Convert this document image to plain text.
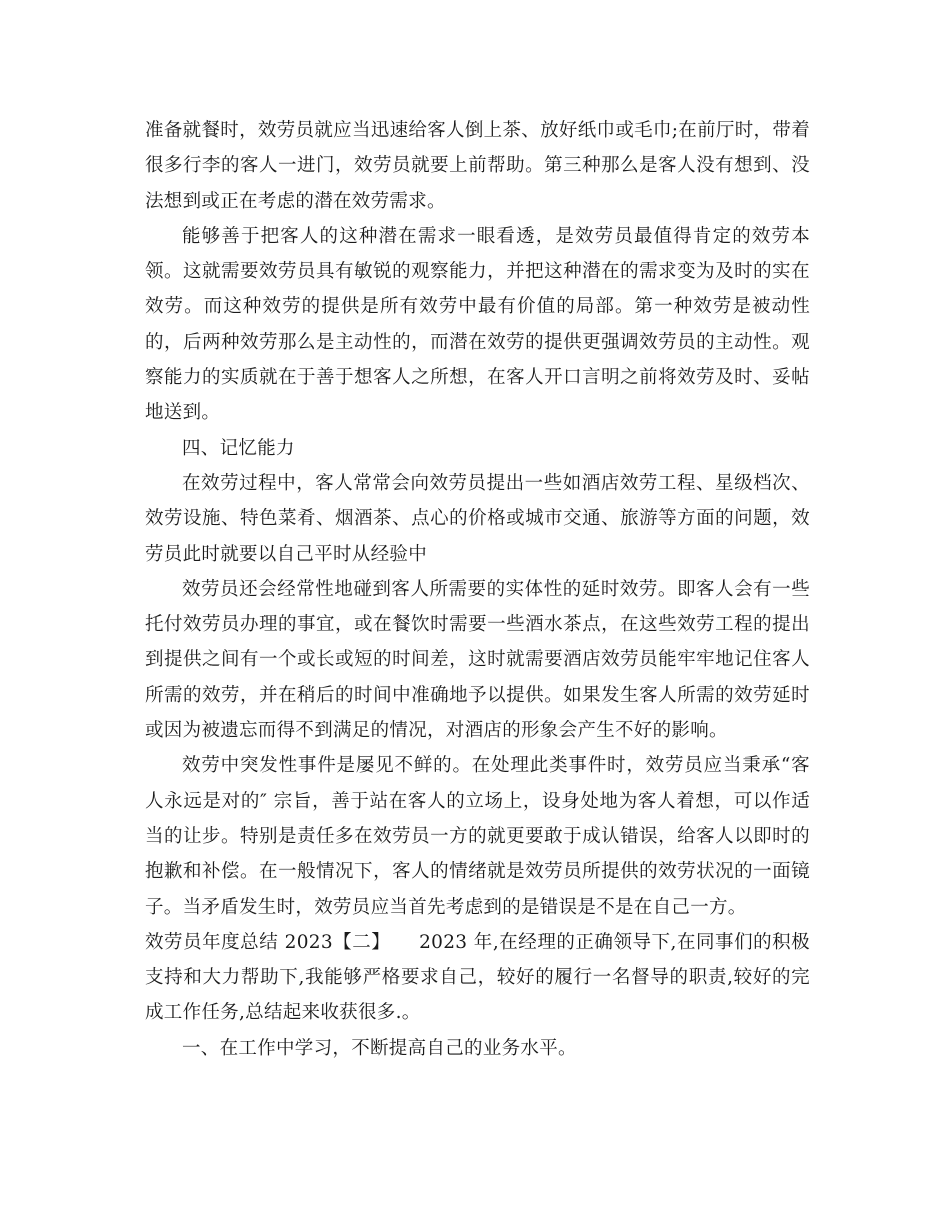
准备就餐时，效劳员就应当迅速给客人倒上茶、放好纸巾或毛巾;在前厅时，带着很多行李的客人一进门，效劳员就要上前帮助。第三种那么是客人没有想到、没法想到或正在考虑的潜在效劳需求。

能够善于把客人的这种潜在需求一眼看透，是效劳员最值得肯定的效劳本领。这就需要效劳员具有敏锐的观察能力，并把这种潜在的需求变为及时的实在效劳。而这种效劳的提供是所有效劳中最有价值的局部。第一种效劳是被动性的，后两种效劳那么是主动性的，而潜在效劳的提供更强调效劳员的主动性。观察能力的实质就在于善于想客人之所想，在客人开口言明之前将效劳及时、妥帖地送到。

四、记忆能力

在效劳过程中，客人常常会向效劳员提出一些如酒店效劳工程、星级档次、效劳设施、特色菜肴、烟酒茶、点心的价格或城市交通、旅游等方面的问题，效劳员此时就要以自己平时从经验中

效劳员还会经常性地碰到客人所需要的实体性的延时效劳。即客人会有一些托付效劳员办理的事宜，或在餐饮时需要一些酒水茶点，在这些效劳工程的提出到提供之间有一个或长或短的时间差，这时就需要酒店效劳员能牢牢地记住客人所需的效劳，并在稍后的时间中准确地予以提供。如果发生客人所需的效劳延时或因为被遗忘而得不到满足的情况，对酒店的形象会产生不好的影响。

效劳中突发性事件是屡见不鲜的。在处理此类事件时，效劳员应当秉承“客人永远是对的″ 宗旨，善于站在客人的立场上，设身处地为客人着想，可以作适当的让步。特别是责任多在效劳员一方的就更要敢于成认错误，给客人以即时的抱歉和补偿。在一般情况下，客人的情绪就是效劳员所提供的效劳状况的一面镜子。当矛盾发生时，效劳员应当首先考虑到的是错误是不是在自己一方。

效劳员年度总结 2023【二】　　2023 年,在经理的正确领导下,在同事们的积极支持和大力帮助下,我能够严格要求自己，较好的履行一名督导的职责,较好的完成工作任务,总结起来收获很多.。

一、在工作中学习，不断提高自己的业务水平。
